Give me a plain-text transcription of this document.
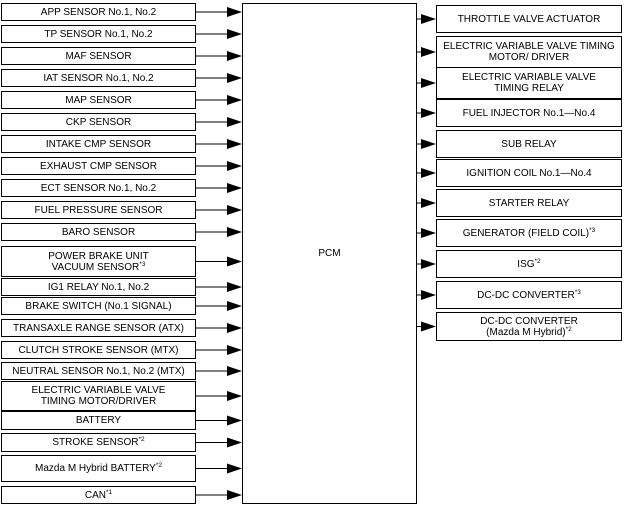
PCM
APP SENSOR No.1, No.2
TP SENSOR No.1, No.2
MAF SENSOR
IAT SENSOR No.1, No.2
MAP SENSOR
CKP SENSOR
INTAKE CMP SENSOR
EXHAUST CMP SENSOR
ECT SENSOR No.1, No.2
FUEL PRESSURE SENSOR
BARO SENSOR
POWER BRAKE UNIT
VACUUM SENSOR$^{*3}$
IG1 RELAY No.1, No.2
BRAKE SWITCH (No.1 SIGNAL)
TRANSAXLE RANGE SENSOR (ATX)
CLUTCH STROKE SENSOR (MTX)
NEUTRAL SENSOR No.1, No.2 (MTX)
ELECTRIC VARIABLE VALVE
TIMING MOTOR/DRIVER
BATTERY
STROKE SENSOR$^{*2}$
Mazda M Hybrid BATTERY$^{*2}$
CAN$^{*1}$
THROTTLE VALVE ACTUATOR
ELECTRIC VARIABLE VALVE TIMING
MOTOR/ DRIVER
ELECTRIC VARIABLE VALVE
TIMING RELAY
FUEL INJECTOR No.1—No.4
SUB RELAY
IGNITION COIL No.1—No.4
STARTER RELAY
GENERATOR (FIELD COIL)$^{*3}$
ISG$^{*2}$
DC-DC CONVERTER$^{*3}$
DC-DC CONVERTER
(Mazda M Hybrid)$^{*2}$
